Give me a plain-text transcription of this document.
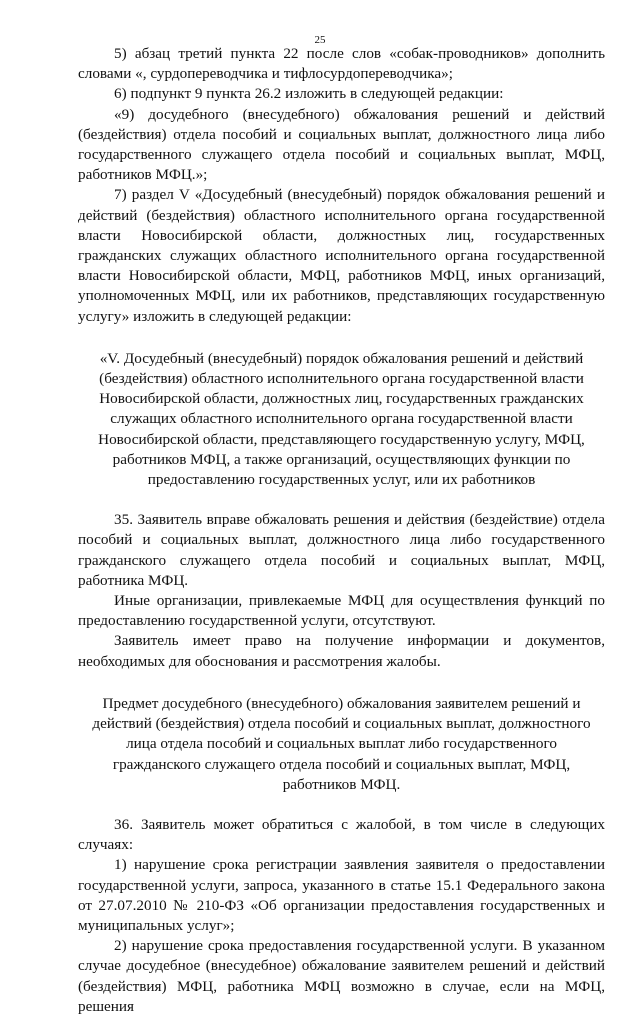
25

5) абзац третий пункта 22 после слов «собак-проводников» дополнить словами «, сурдопереводчика и тифлосурдопереводчика»;

6) подпункт 9 пункта 26.2 изложить в следующей редакции:

«9) досудебного (внесудебного) обжалования решений и действий (бездействия) отдела пособий и социальных выплат, должностного лица либо государственного служащего отдела пособий и социальных выплат, МФЦ, работников МФЦ.»;

7) раздел V «Досудебный (внесудебный) порядок обжалования решений и действий (бездействия) областного исполнительного органа государственной власти Новосибирской области, должностных лиц, государственных гражданских служащих областного исполнительного органа государственной власти Новосибирской области, МФЦ, работников МФЦ, иных организаций, уполномоченных МФЦ, или их работников, представляющих государственную услугу» изложить в следующей редакции:

«V. Досудебный (внесудебный) порядок обжалования решений и действий (бездействия) областного исполнительного органа государственной власти Новосибирской области, должностных лиц, государственных гражданских служащих областного исполнительного органа государственной власти Новосибирской области, представляющего государственную услугу, МФЦ, работников МФЦ, а также организаций, осуществляющих функции по предоставлению государственных услуг, или их работников

35. Заявитель вправе обжаловать решения и действия (бездействие) отдела пособий и социальных выплат, должностного лица либо государственного гражданского служащего отдела пособий и социальных выплат, МФЦ, работника МФЦ.

Иные организации, привлекаемые МФЦ для осуществления функций по предоставлению государственной услуги, отсутствуют.

Заявитель имеет право на получение информации и документов, необходимых для обоснования и рассмотрения жалобы.

Предмет досудебного (внесудебного) обжалования заявителем решений и действий (бездействия) отдела пособий и социальных выплат, должностного лица отдела пособий и социальных выплат либо государственного гражданского служащего отдела пособий и социальных выплат, МФЦ, работников МФЦ.

36. Заявитель может обратиться с жалобой, в том числе в следующих случаях:

1) нарушение срока регистрации заявления заявителя о предоставлении государственной услуги, запроса, указанного в статье 15.1 Федерального закона от 27.07.2010 № 210-ФЗ «Об организации предоставления государственных и муниципальных услуг»;

2) нарушение срока предоставления государственной услуги. В указанном случае досудебное (внесудебное) обжалование заявителем решений и действий (бездействия) МФЦ, работника МФЦ возможно в случае, если на МФЦ, решения
